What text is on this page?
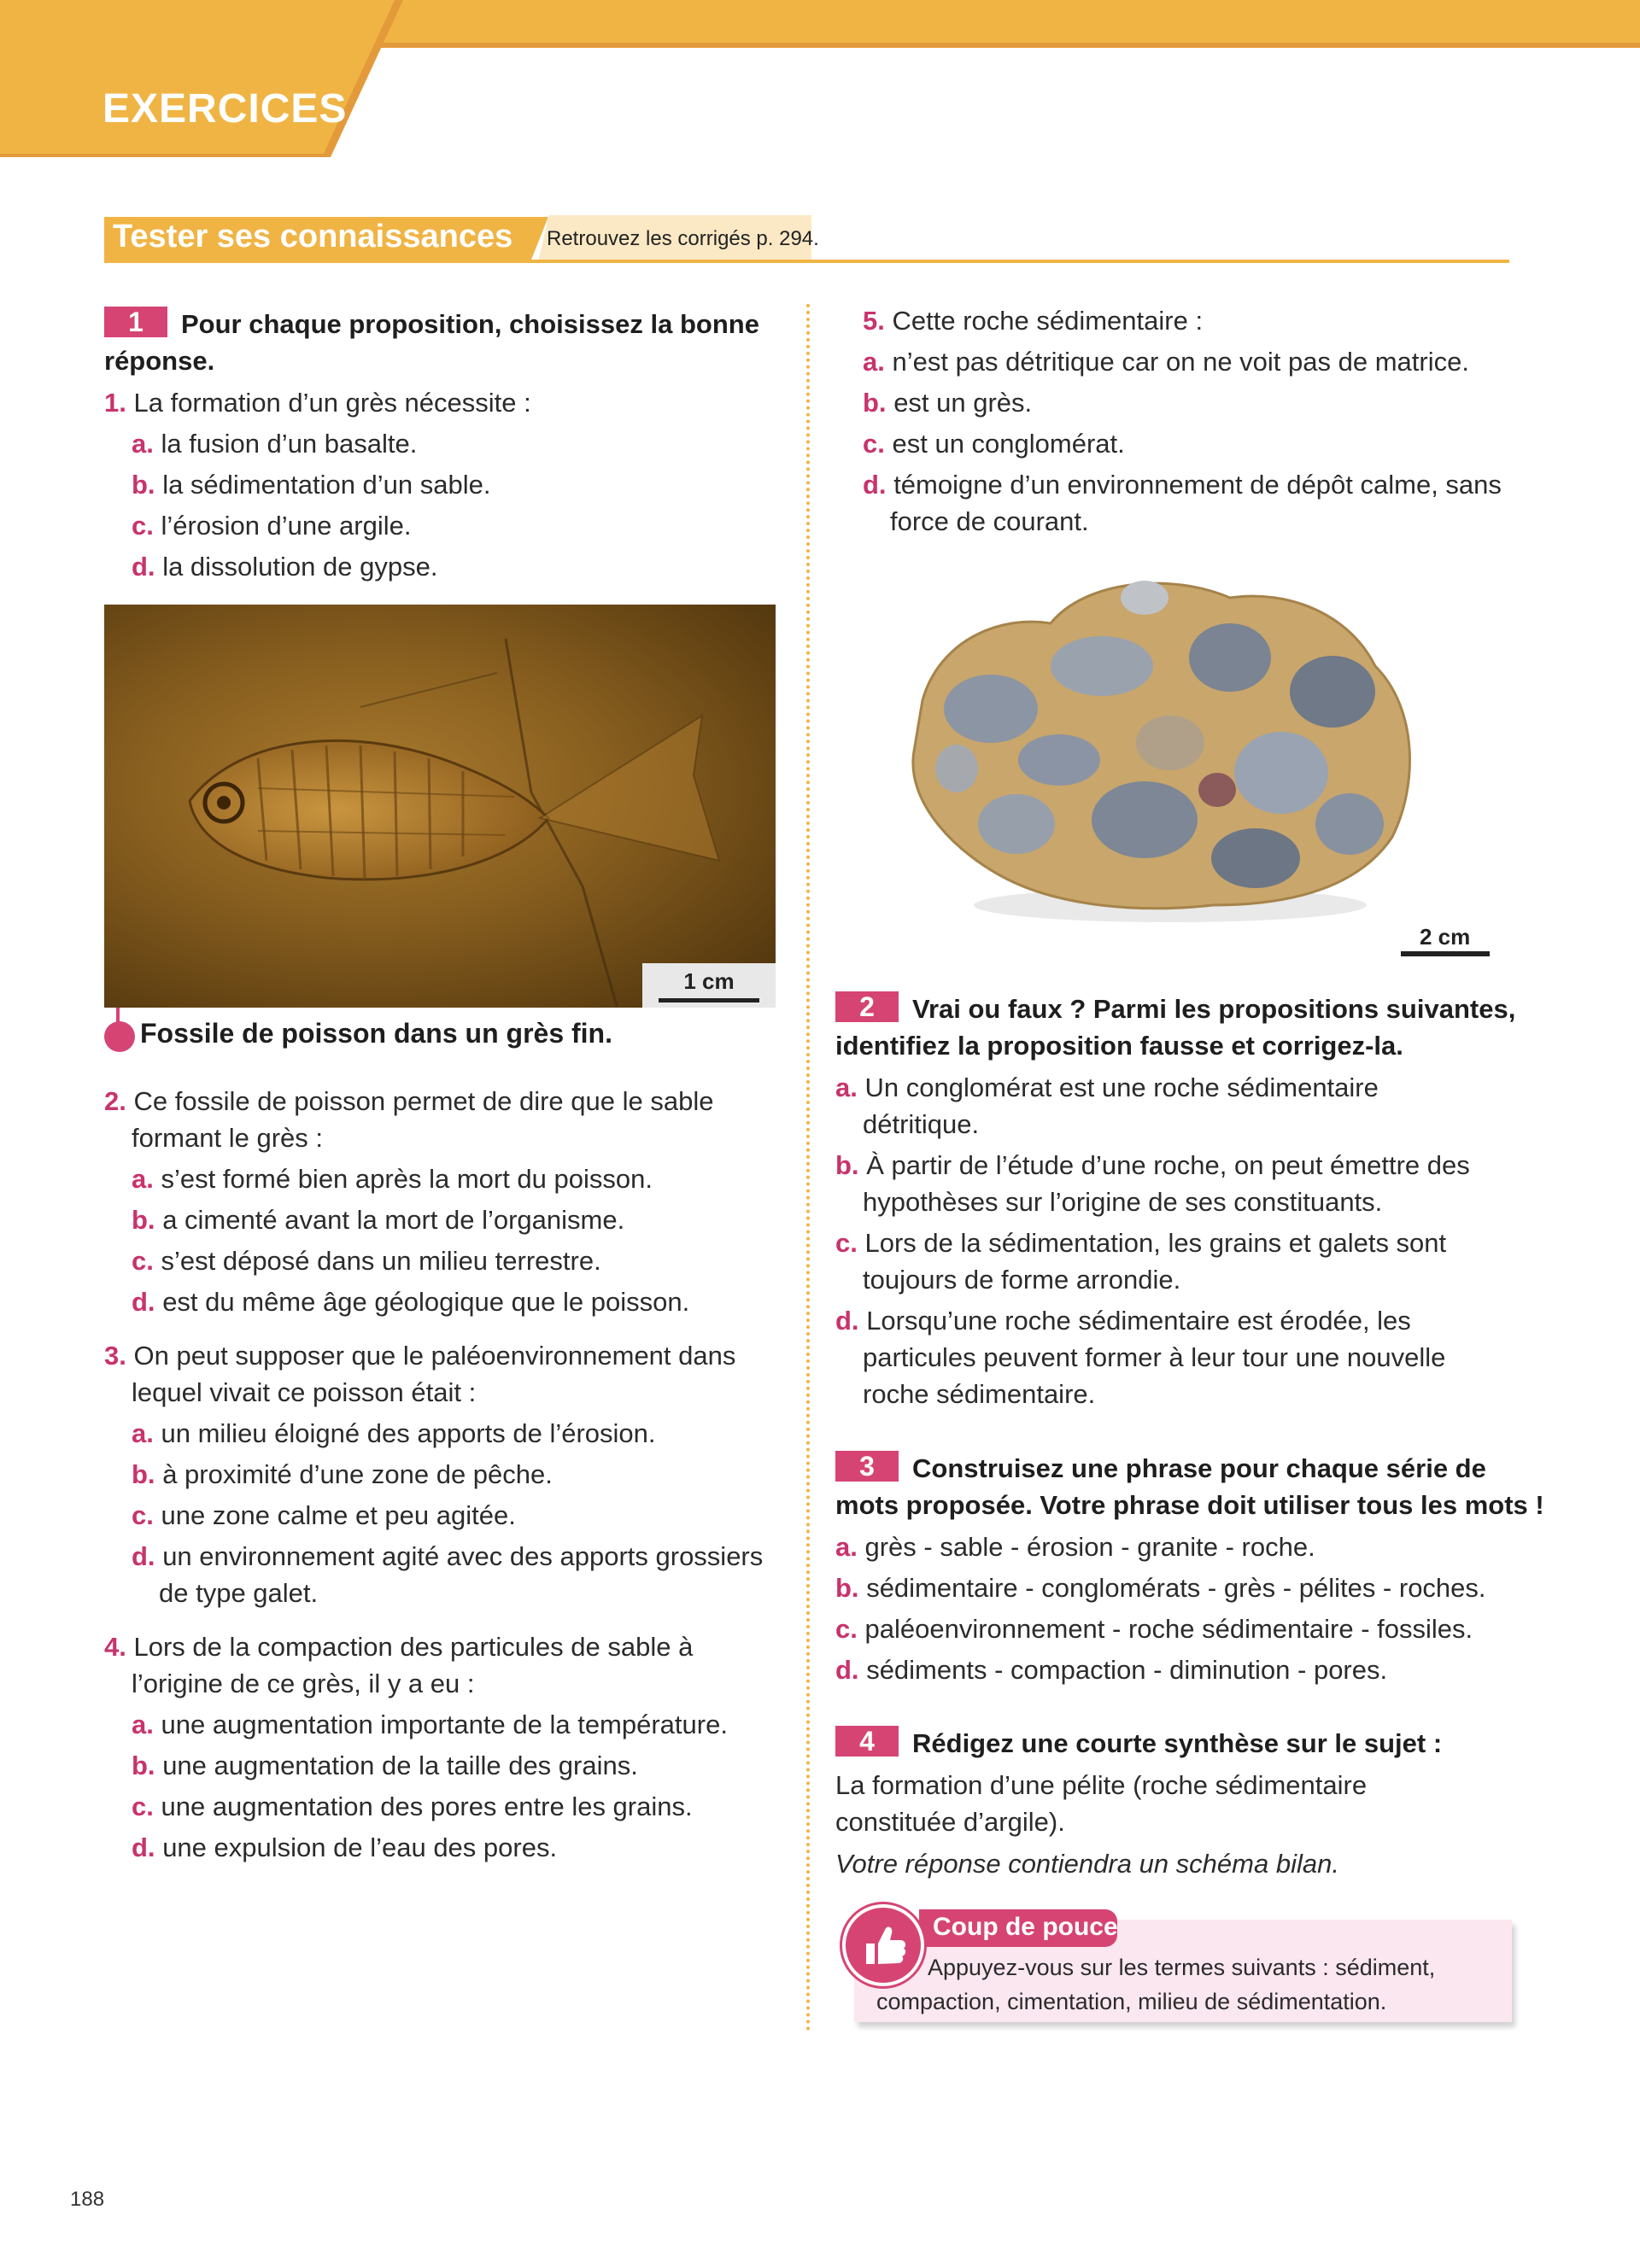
EXERCICES
Tester ses connaissances Retrouvez les corrigés p. 294.
1 Pour chaque proposition, choisissez la bonne
réponse.
1. La formation d’un grès nécessite :
a. la fusion d’un basalte.
b. la sédimentation d’un sable.
c. l’érosion d’une argile.
d. la dissolution de gypse.
1 cm
Fossile de poisson dans un grès fin.
2. Ce fossile de poisson permet de dire que le sable
formant le grès :
a. s’est formé bien après la mort du poisson.
b. a cimenté avant la mort de l’organisme.
c. s’est déposé dans un milieu terrestre.
d. est du même âge géologique que le poisson.
3. On peut supposer que le paléoenvironnement dans
lequel vivait ce poisson était :
a. un milieu éloigné des apports de l’érosion.
b. à proximité d’une zone de pêche.
c. une zone calme et peu agitée.
d. un environnement agité avec des apports grossiers
de type galet.
4. Lors de la compaction des particules de sable à
l’origine de ce grès, il y a eu :
a. une augmentation importante de la température.
b. une augmentation de la taille des grains.
c. une augmentation des pores entre les grains.
d. une expulsion de l’eau des pores.
5. Cette roche sédimentaire :
a. n’est pas détritique car on ne voit pas de matrice.
b. est un grès.
c. est un conglomérat.
d. témoigne d’un environnement de dépôt calme, sans
force de courant.
2 cm
2 Vrai ou faux ? Parmi les propositions suivantes,
identifiez la proposition fausse et corrigez-la.
a. Un conglomérat est une roche sédimentaire
détritique.
b. À partir de l’étude d’une roche, on peut émettre des
hypothèses sur l’origine de ses constituants.
c. Lors de la sédimentation, les grains et galets sont
toujours de forme arrondie.
d. Lorsqu’une roche sédimentaire est érodée, les
particules peuvent former à leur tour une nouvelle
roche sédimentaire.
3 Construisez une phrase pour chaque série de
mots proposée. Votre phrase doit utiliser tous les mots !
a. grès - sable - érosion - granite - roche.
b. sédimentaire - conglomérats - grès - pélites - roches.
c. paléoenvironnement - roche sédimentaire - fossiles.
d. sédiments - compaction - diminution - pores.
4 Rédigez une courte synthèse sur le sujet :
La formation d’une pélite (roche sédimentaire
constituée d’argile).
Votre réponse contiendra un schéma bilan.
Coup de pouce
Appuyez-vous sur les termes suivants : sédiment,
compaction, cimentation, milieu de sédimentation.
188
